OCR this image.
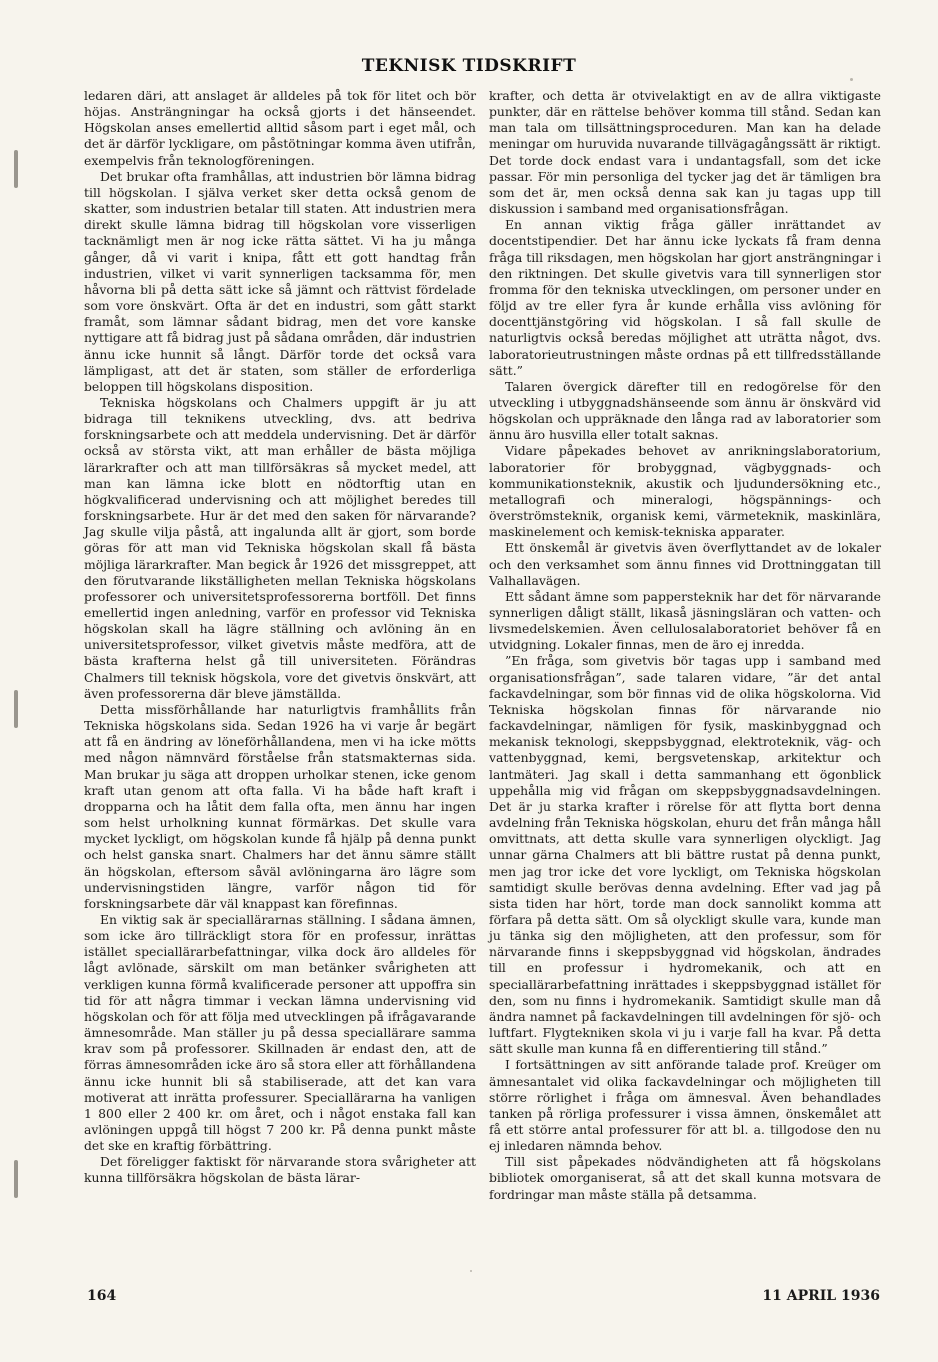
TEKNISK TIDSKRIFT

ledaren däri, att anslaget är alldeles på tok för litet och bör höjas. Ansträngningar ha också gjorts i det hänseendet. Högskolan anses emellertid alltid såsom part i eget mål, och det är därför lyckligare, om påstötningar komma även utifrån, exempelvis från teknologföreningen.

Det brukar ofta framhållas, att industrien bör lämna bidrag till högskolan. I själva verket sker detta också genom de skatter, som industrien betalar till staten. Att industrien mera direkt skulle lämna bidrag till högskolan vore visserligen tacknämligt men är nog icke rätta sättet. Vi ha ju många gånger, då vi varit i knipa, fått ett gott handtag från industrien, vilket vi varit synnerligen tacksamma för, men håvorna bli på detta sätt icke så jämnt och rättvist fördelade som vore önskvärt. Ofta är det en industri, som gått starkt framåt, som lämnar sådant bidrag, men det vore kanske nyttigare att få bidrag just på sådana områden, där industrien ännu icke hunnit så långt. Därför torde det också vara lämpligast, att det är staten, som ställer de erforderliga beloppen till högskolans disposition.

Tekniska högskolans och Chalmers uppgift är ju att bidraga till teknikens utveckling, dvs. att bedriva forskningsarbete och att meddela undervisning. Det är därför också av största vikt, att man erhåller de bästa möjliga lärarkrafter och att man tillförsäkras så mycket medel, att man kan lämna icke blott en nödtorftig utan en högkvalificerad undervisning och att möjlighet beredes till forskningsarbete. Hur är det med den saken för närvarande? Jag skulle vilja påstå, att ingalunda allt är gjort, som borde göras för att man vid Tekniska högskolan skall få bästa möjliga lärarkrafter. Man begick år 1926 det missgreppet, att den förutvarande likställigheten mellan Tekniska högskolans professorer och universitetsprofessorerna bortföll. Det finns emellertid ingen anledning, varför en professor vid Tekniska högskolan skall ha lägre ställning och avlöning än en universitetsprofessor, vilket givetvis måste medföra, att de bästa krafterna helst gå till universiteten. Förändras Chalmers till teknisk högskola, vore det givetvis önskvärt, att även professorerna där bleve jämställda.

Detta missförhållande har naturligtvis framhållits från Tekniska högskolans sida. Sedan 1926 ha vi varje år begärt att få en ändring av löneförhållandena, men vi ha icke mötts med någon nämnvärd förståelse från statsmakternas sida. Man brukar ju säga att droppen urholkar stenen, icke genom kraft utan genom att ofta falla. Vi ha både haft kraft i dropparna och ha låtit dem falla ofta, men ännu har ingen som helst urholkning kunnat förmärkas. Det skulle vara mycket lyckligt, om högskolan kunde få hjälp på denna punkt och helst ganska snart. Chalmers har det ännu sämre ställt än högskolan, eftersom såväl avlöningarna äro lägre som undervisningstiden längre, varför någon tid för forskningsarbete där väl knappast kan förefinnas.

En viktig sak är speciallärarnas ställning. I sådana ämnen, som icke äro tillräckligt stora för en professur, inrättas istället speciallärarbefattningar, vilka dock äro alldeles för lågt avlönade, särskilt om man betänker svårigheten att verkligen kunna förmå kvalificerade personer att uppoffra sin tid för att några timmar i veckan lämna undervisning vid högskolan och för att följa med utvecklingen på ifrågavarande ämnesområde. Man ställer ju på dessa speciallärare samma krav som på professorer. Skillnaden är endast den, att de förras ämnesområden icke äro så stora eller att förhållandena ännu icke hunnit bli så stabiliserade, att det kan vara motiverat att inrätta professurer. Speciallärarna ha vanligen 1 800 eller 2 400 kr. om året, och i något enstaka fall kan avlöningen uppgå till högst 7 200 kr. På denna punkt måste det ske en kraftig förbättring.

Det föreligger faktiskt för närvarande stora svårigheter att kunna tillförsäkra högskolan de bästa lärar-

krafter, och detta är otvivelaktigt en av de allra viktigaste punkter, där en rättelse behöver komma till stånd. Sedan kan man tala om tillsättningsproceduren. Man kan ha delade meningar om huruvida nuvarande tillvägagångssätt är riktigt. Det torde dock endast vara i undantagsfall, som det icke passar. För min personliga del tycker jag det är tämligen bra som det är, men också denna sak kan ju tagas upp till diskussion i samband med organisationsfrågan.

En annan viktig fråga gäller inrättandet av docentstipendier. Det har ännu icke lyckats få fram denna fråga till riksdagen, men högskolan har gjort ansträngningar i den riktningen. Det skulle givetvis vara till synnerligen stor fromma för den tekniska utvecklingen, om personer under en följd av tre eller fyra år kunde erhålla viss avlöning för docenttjänstgöring vid högskolan. I så fall skulle de naturligtvis också beredas möjlighet att uträtta något, dvs. laboratorieutrustningen måste ordnas på ett tillfredsställande sätt.”

Talaren övergick därefter till en redogörelse för den utveckling i utbyggnadshänseende som ännu är önskvärd vid högskolan och uppräknade den långa rad av laboratorier som ännu äro husvilla eller totalt saknas.

Vidare påpekades behovet av anrikningslaboratorium, laboratorier för brobyggnad, vägbyggnads- och kommunikationsteknik, akustik och ljudundersökning etc., metallografi och mineralogi, högspännings- och överströmsteknik, organisk kemi, värmeteknik, maskinlära, maskinelement och kemisk-tekniska apparater.

Ett önskemål är givetvis även överflyttandet av de lokaler och den verksamhet som ännu finnes vid Drottninggatan till Valhallavägen.

Ett sådant ämne som pappersteknik har det för närvarande synnerligen dåligt ställt, likaså jäsningsläran och vatten- och livsmedelskemien. Även cellulosalaboratoriet behöver få en utvidgning. Lokaler finnas, men de äro ej inredda.

”En fråga, som givetvis bör tagas upp i samband med organisationsfrågan”, sade talaren vidare, ”är det antal fackavdelningar, som bör finnas vid de olika högskolorna. Vid Tekniska högskolan finnas för närvarande nio fackavdelningar, nämligen för fysik, maskinbyggnad och mekanisk teknologi, skeppsbyggnad, elektroteknik, väg- och vattenbyggnad, kemi, bergsvetenskap, arkitektur och lantmäteri. Jag skall i detta sammanhang ett ögonblick uppehålla mig vid frågan om skeppsbyggnadsavdelningen. Det är ju starka krafter i rörelse för att flytta bort denna avdelning från Tekniska högskolan, ehuru det från många håll omvittnats, att detta skulle vara synnerligen olyckligt. Jag unnar gärna Chalmers att bli bättre rustat på denna punkt, men jag tror icke det vore lyckligt, om Tekniska högskolan samtidigt skulle berövas denna avdelning. Efter vad jag på sista tiden har hört, torde man dock sannolikt komma att förfara på detta sätt. Om så olyckligt skulle vara, kunde man ju tänka sig den möjligheten, att den professur, som för närvarande finns i skeppsbyggnad vid högskolan, ändrades till en professur i hydromekanik, och att en speciallärarbefattning inrättades i skeppsbyggnad istället för den, som nu finns i hydromekanik. Samtidigt skulle man då ändra namnet på fackavdelningen till avdelningen för sjö- och luftfart. Flygtekniken skola vi ju i varje fall ha kvar. På detta sätt skulle man kunna få en differentiering till stånd.”

I fortsättningen av sitt anförande talade prof. Kreüger om ämnesantalet vid olika fackavdelningar och möjligheten till större rörlighet i fråga om ämnesval. Även behandlades tanken på rörliga professurer i vissa ämnen, önskemålet att få ett större antal professurer för att bl. a. tillgodose den nu ej inledaren nämnda behov.

Till sist påpekades nödvändigheten att få högskolans bibliotek omorganiserat, så att det skall kunna motsvara de fordringar man måste ställa på detsamma.

164	11 APRIL 1936
